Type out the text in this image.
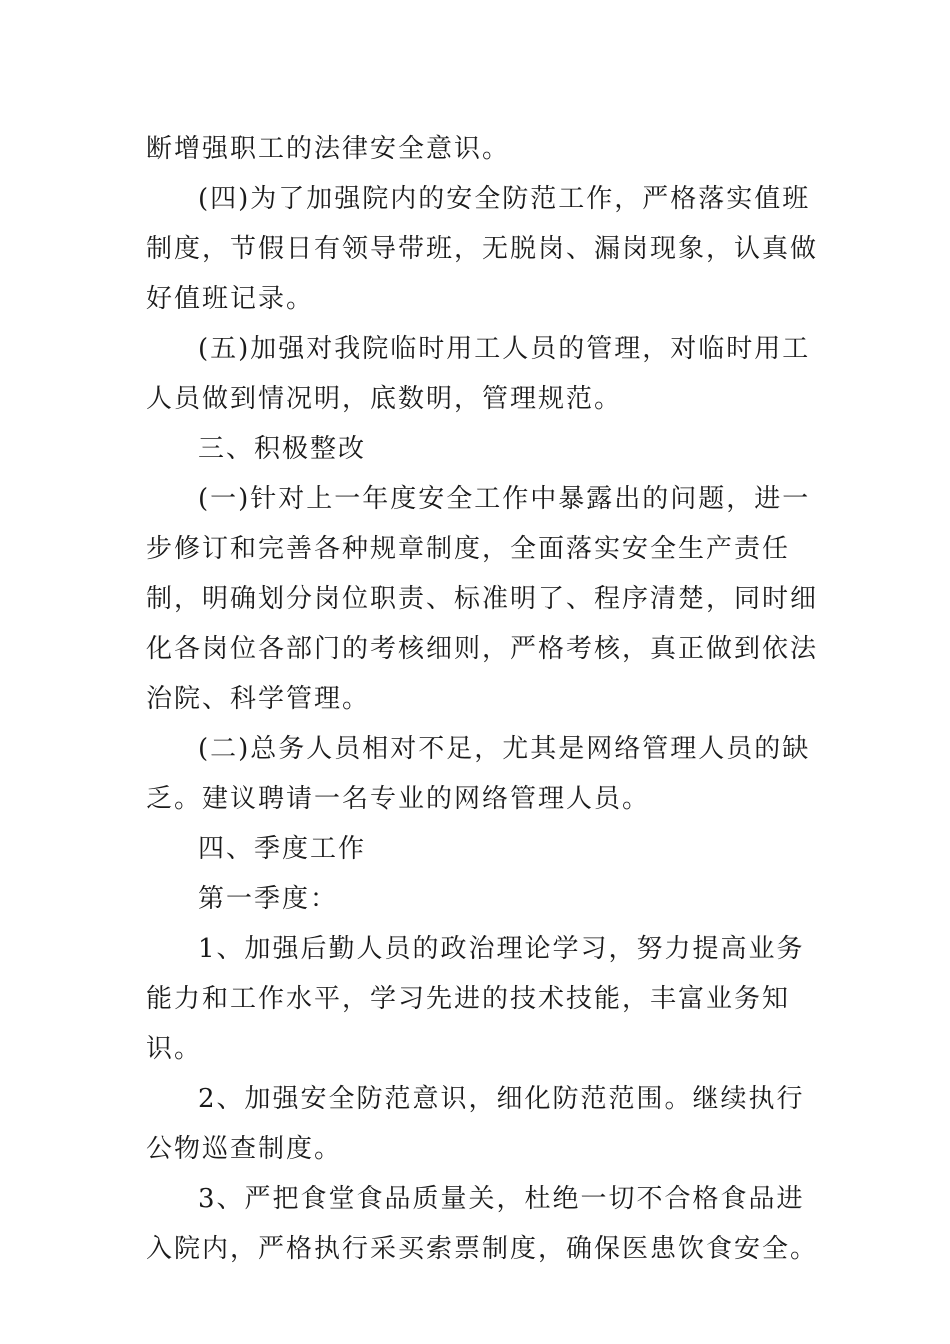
断增强职工的法律安全意识。

(四)为了加强院内的安全防范工作，严格落实值班制度，节假日有领导带班，无脱岗、漏岗现象，认真做好值班记录。

(五)加强对我院临时用工人员的管理，对临时用工人员做到情况明，底数明，管理规范。

三、积极整改

(一)针对上一年度安全工作中暴露出的问题，进一步修订和完善各种规章制度，全面落实安全生产责任制，明确划分岗位职责、标准明了、程序清楚，同时细化各岗位各部门的考核细则，严格考核，真正做到依法治院、科学管理。

(二)总务人员相对不足，尤其是网络管理人员的缺乏。建议聘请一名专业的网络管理人员。

四、季度工作

第一季度：

1、加强后勤人员的政治理论学习，努力提高业务能力和工作水平，学习先进的技术技能，丰富业务知识。

2、加强安全防范意识，细化防范范围。继续执行公物巡查制度。

3、严把食堂食品质量关，杜绝一切不合格食品进入院内，严格执行采买索票制度，确保医患饮食安全。
